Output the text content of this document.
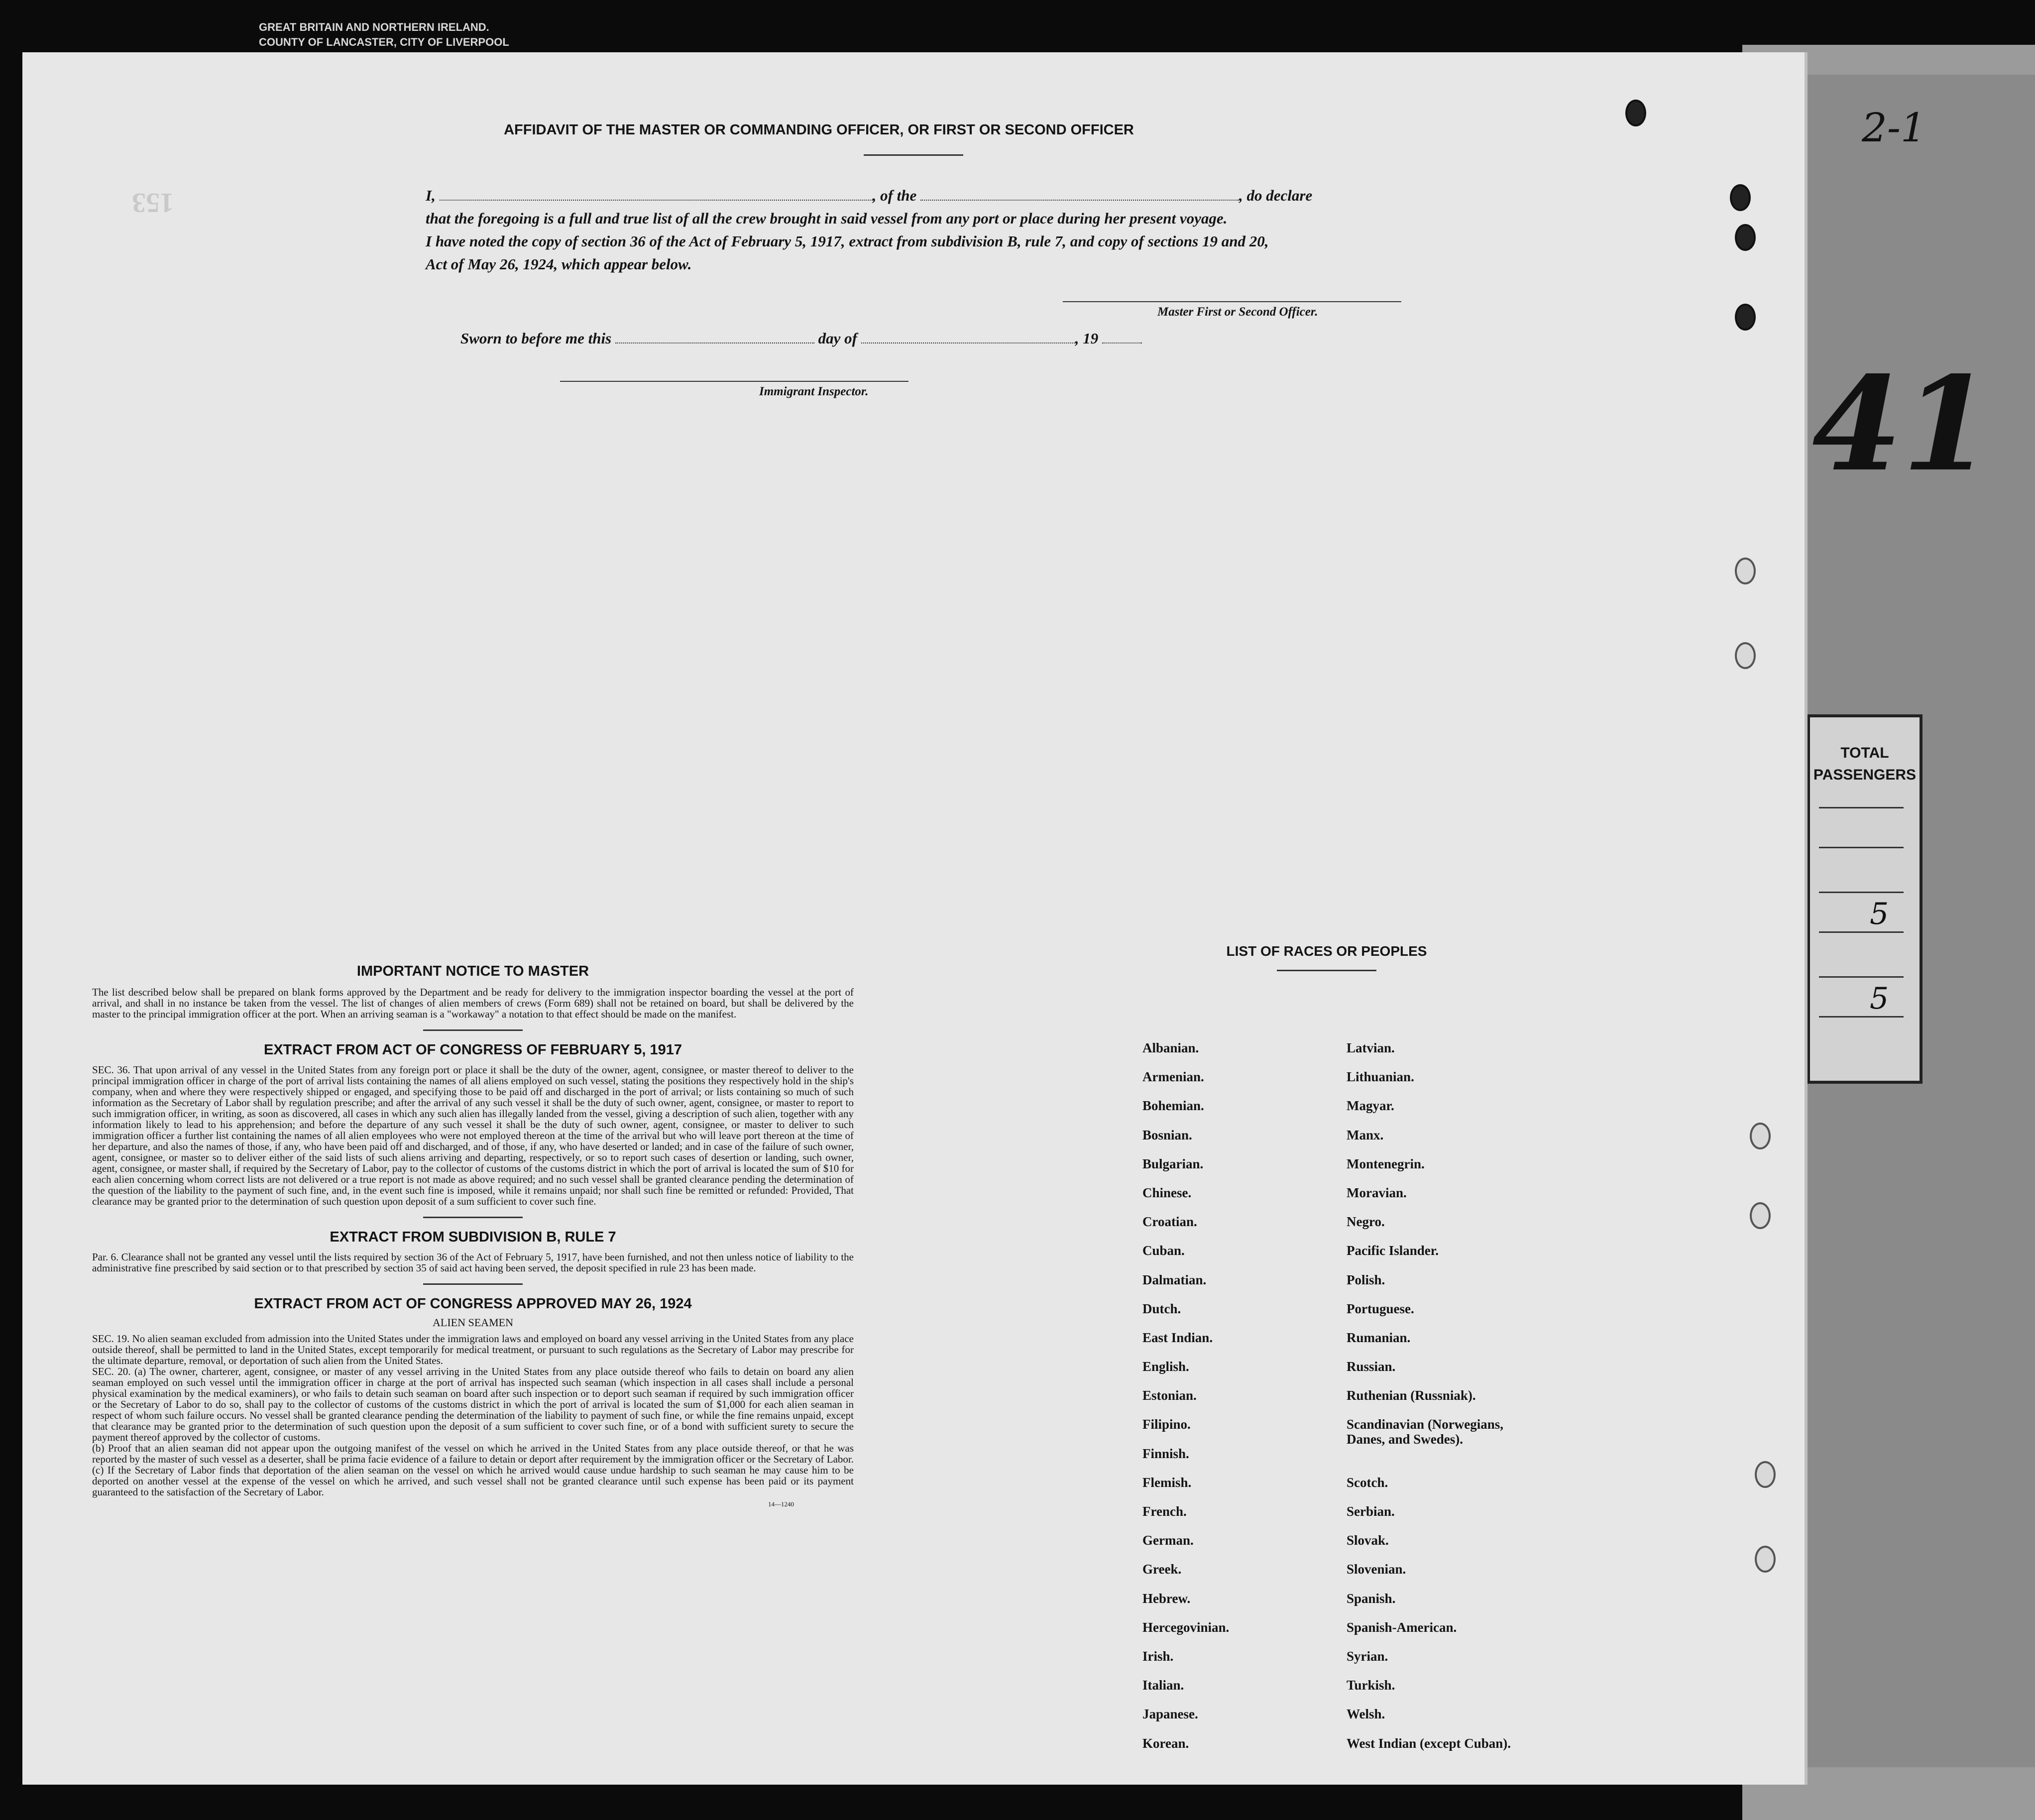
GREAT BRITAIN AND NORTHERN IRELAND.
COUNTY OF LANCASTER, CITY OF LIVERPOOL
TOTAL
PASSENGERS
5
5
2-1
41
153
AFFIDAVIT OF THE MASTER OR COMMANDING OFFICER, OR FIRST OR SECOND OFFICER
I,	, of the	, do declare
that the foregoing is a full and true list of all the crew brought in said vessel from any port or place during her present voyage.
I have noted the copy of section 36 of the Act of February 5, 1917, extract from subdivision B, rule 7, and copy of sections 19 and 20,
Act of May 26, 1924, which appear below.
Master First or Second Officer.
Sworn to before me this	day of	, 19
Immigrant Inspector.
IMPORTANT NOTICE TO MASTER

The list described below shall be prepared on blank forms approved by the Department and be ready for delivery to the immigration inspector boarding the vessel at the port of arrival, and shall in no instance be taken from the vessel. The list of changes of alien members of crews (Form 689) shall not be retained on board, but shall be delivered by the master to the principal immigration officer at the port. When an arriving seaman is a "workaway" a notation to that effect should be made on the manifest.

EXTRACT FROM ACT OF CONGRESS OF FEBRUARY 5, 1917

SEC. 36. That upon arrival of any vessel in the United States from any foreign port or place it shall be the duty of the owner, agent, consignee, or master thereof to deliver to the principal immigration officer in charge of the port of arrival lists containing the names of all aliens employed on such vessel, stating the positions they respectively hold in the ship's company, when and where they were respectively shipped or engaged, and specifying those to be paid off and discharged in the port of arrival; or lists containing so much of such information as the Secretary of Labor shall by regulation prescribe; and after the arrival of any such vessel it shall be the duty of such owner, agent, consignee, or master to report to such immigration officer, in writing, as soon as discovered, all cases in which any such alien has illegally landed from the vessel, giving a description of such alien, together with any information likely to lead to his apprehension; and before the departure of any such vessel it shall be the duty of such owner, agent, consignee, or master to deliver to such immigration officer a further list containing the names of all alien employees who were not employed thereon at the time of the arrival but who will leave port thereon at the time of her departure, and also the names of those, if any, who have been paid off and discharged, and of those, if any, who have deserted or landed; and in case of the failure of such owner, agent, consignee, or master so to deliver either of the said lists of such aliens arriving and departing, respectively, or so to report such cases of desertion or landing, such owner, agent, consignee, or master shall, if required by the Secretary of Labor, pay to the collector of customs of the customs district in which the port of arrival is located the sum of $10 for each alien concerning whom correct lists are not delivered or a true report is not made as above required; and no such vessel shall be granted clearance pending the determination of the question of the liability to the payment of such fine, and, in the event such fine is imposed, while it remains unpaid; nor shall such fine be remitted or refunded: Provided, That clearance may be granted prior to the determination of such question upon deposit of a sum sufficient to cover such fine.

EXTRACT FROM SUBDIVISION B, RULE 7

Par. 6. Clearance shall not be granted any vessel until the lists required by section 36 of the Act of February 5, 1917, have been furnished, and not then unless notice of liability to the administrative fine prescribed by said section or to that prescribed by section 35 of said act having been served, the deposit specified in rule 23 has been made.

EXTRACT FROM ACT OF CONGRESS APPROVED MAY 26, 1924
ALIEN SEAMEN

SEC. 19. No alien seaman excluded from admission into the United States under the immigration laws and employed on board any vessel arriving in the United States from any place outside thereof, shall be permitted to land in the United States, except temporarily for medical treatment, or pursuant to such regulations as the Secretary of Labor may prescribe for the ultimate departure, removal, or deportation of such alien from the United States.

SEC. 20. (a) The owner, charterer, agent, consignee, or master of any vessel arriving in the United States from any place outside thereof who fails to detain on board any alien seaman employed on such vessel until the immigration officer in charge at the port of arrival has inspected such seaman (which inspection in all cases shall include a personal physical examination by the medical examiners), or who fails to detain such seaman on board after such inspection or to deport such seaman if required by such immigration officer or the Secretary of Labor to do so, shall pay to the collector of customs of the customs district in which the port of arrival is located the sum of $1,000 for each alien seaman in respect of whom such failure occurs. No vessel shall be granted clearance pending the determination of the liability to payment of such fine, or while the fine remains unpaid, except that clearance may be granted prior to the determination of such question upon the deposit of a sum sufficient to cover such fine, or of a bond with sufficient surety to secure the payment thereof approved by the collector of customs.

(b) Proof that an alien seaman did not appear upon the outgoing manifest of the vessel on which he arrived in the United States from any place outside thereof, or that he was reported by the master of such vessel as a deserter, shall be prima facie evidence of a failure to detain or deport after requirement by the immigration officer or the Secretary of Labor.

(c) If the Secretary of Labor finds that deportation of the alien seaman on the vessel on which he arrived would cause undue hardship to such seaman he may cause him to be deported on another vessel at the expense of the vessel on which he arrived, and such vessel shall not be granted clearance until such expense has been paid or its payment guaranteed to the satisfaction of the Secretary of Labor.

14—1240
LIST OF RACES OR PEOPLES
Albanian.
Armenian.
Bohemian.
Bosnian.
Bulgarian.
Chinese.
Croatian.
Cuban.
Dalmatian.
Dutch.
East Indian.
English.
Estonian.
Filipino.
Finnish.
Flemish.
French.
German.
Greek.
Hebrew.
Hercegovinian.
Irish.
Italian.
Japanese.
Korean.
Latvian.
Lithuanian.
Magyar.
Manx.
Montenegrin.
Moravian.
Negro.
Pacific Islander.
Polish.
Portuguese.
Rumanian.
Russian.
Ruthenian (Russniak).
Scandinavian (Norwegians,
Danes, and Swedes).
Scotch.
Serbian.
Slovak.
Slovenian.
Spanish.
Spanish-American.
Syrian.
Turkish.
Welsh.
West Indian (except Cuban).
